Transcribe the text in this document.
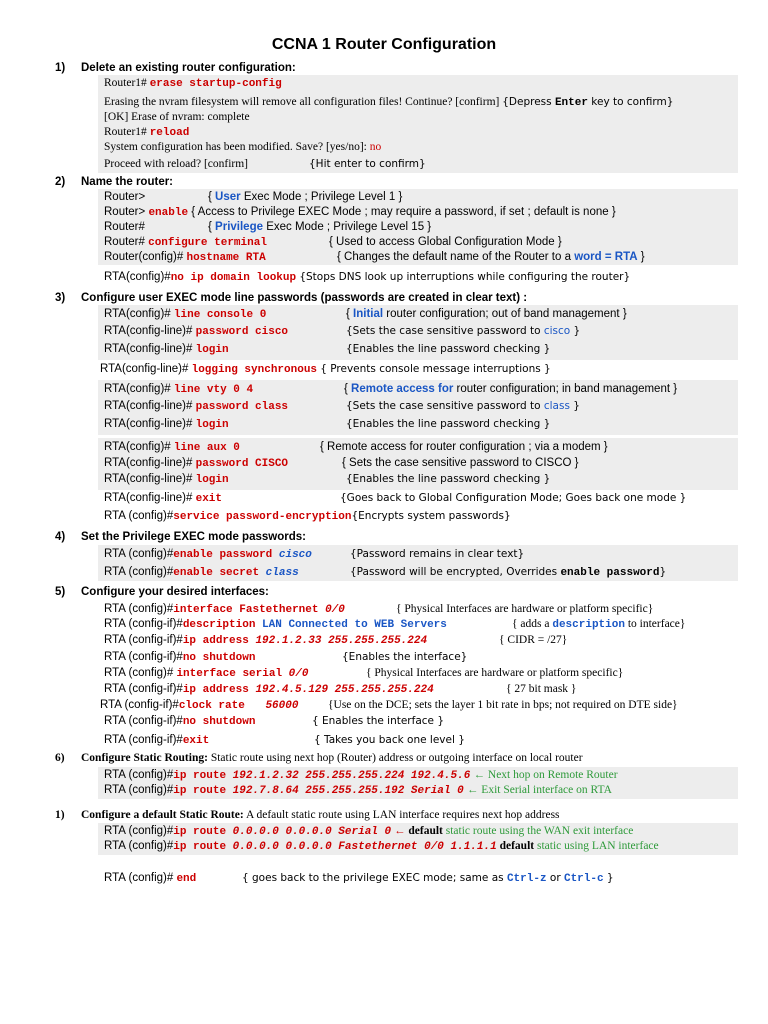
CCNA 1 Router Configuration
1) Delete an existing router configuration:
Router1# erase startup-config
Erasing the nvram filesystem will remove all configuration files! Continue? [confirm] {Depress Enter key to confirm}
[OK] Erase of nvram: complete
Router1# reload
System configuration has been modified. Save? [yes/no]: no
Proceed with reload? [confirm]	{Hit enter to confirm}
2) Name the router:
Router>	{ User Exec Mode ; Privilege Level 1 }
Router> enable { Access to Privilege EXEC Mode ; may require a password, if set ; default is none }
Router#	{ Privilege Exec Mode ; Privilege Level 15 }
Router# configure terminal	{ Used to access Global Configuration Mode }
Router(config)# hostname RTA	{ Changes the default name of the Router to a word = RTA }
RTA(config)#no ip domain lookup {Stops DNS look up interruptions while configuring the router}
3) Configure user EXEC mode line passwords (passwords are created in clear text) :
RTA(config)# line console 0	{ Initial router configuration; out of band management }
RTA(config-line)# password cisco	{Sets the case sensitive password to cisco }
RTA(config-line)# login	{Enables the line password checking }
RTA(config-line)# logging synchronous { Prevents console message interruptions }
RTA(config)# line vty 0 4	{ Remote access for router configuration; in band management }
RTA(config-line)# password class	{Sets the case sensitive password to class }
RTA(config-line)# login	{Enables the line password checking }
RTA(config)# line aux 0	{ Remote access for router configuration ; via a modem }
RTA(config-line)# password CISCO	{ Sets the case sensitive password to CISCO }
RTA(config-line)# login	{Enables the line password checking }
RTA(config-line)# exit	{Goes back to Global Configuration Mode; Goes back one mode }
RTA (config)#service password-encryption{Encrypts system passwords}
4) Set the Privilege EXEC mode passwords:
RTA (config)#enable password cisco	{Password remains in clear text}
RTA (config)#enable secret class	{Password will be encrypted, Overrides enable password}
5) Configure your desired interfaces:
RTA (config)#interface Fastethernet 0/0	{ Physical Interfaces are hardware or platform specific}
RTA (config-if)#description LAN Connected to WEB Servers	{ adds a description to interface}
RTA (config-if)#ip address 192.1.2.33 255.255.255.224	{ CIDR = /27}
RTA (config-if)#no shutdown	{Enables the interface}
RTA (config)# interface serial 0/0	{ Physical Interfaces are hardware or platform specific}
RTA (config-if)#ip address 192.4.5.129 255.255.255.224	{ 27 bit mask }
RTA (config-if)#clock rate 56000	{Use on the DCE; sets the layer 1 bit rate in bps; not required on DTE side}
RTA (config-if)#no shutdown	{ Enables the interface }
RTA (config-if)#exit	{ Takes you back one level }
6) Configure Static Routing: Static route using next hop (Router) address or outgoing interface on local router
RTA (config)#ip route 192.1.2.32 255.255.255.224 192.4.5.6 ← Next hop on Remote Router
RTA (config)#ip route 192.7.8.64 255.255.255.192 Serial 0 ← Exit Serial interface on RTA
1) Configure a default Static Route: A default static route using LAN interface requires next hop address
RTA (config)#ip route 0.0.0.0 0.0.0.0 Serial 0 ← default static route using the WAN exit interface
RTA (config)#ip route 0.0.0.0 0.0.0.0 Fastethernet 0/0 1.1.1.1 default static using LAN interface
RTA (config)# end	{ goes back to the privilege EXEC mode; same as Ctrl-z or Ctrl-c }
